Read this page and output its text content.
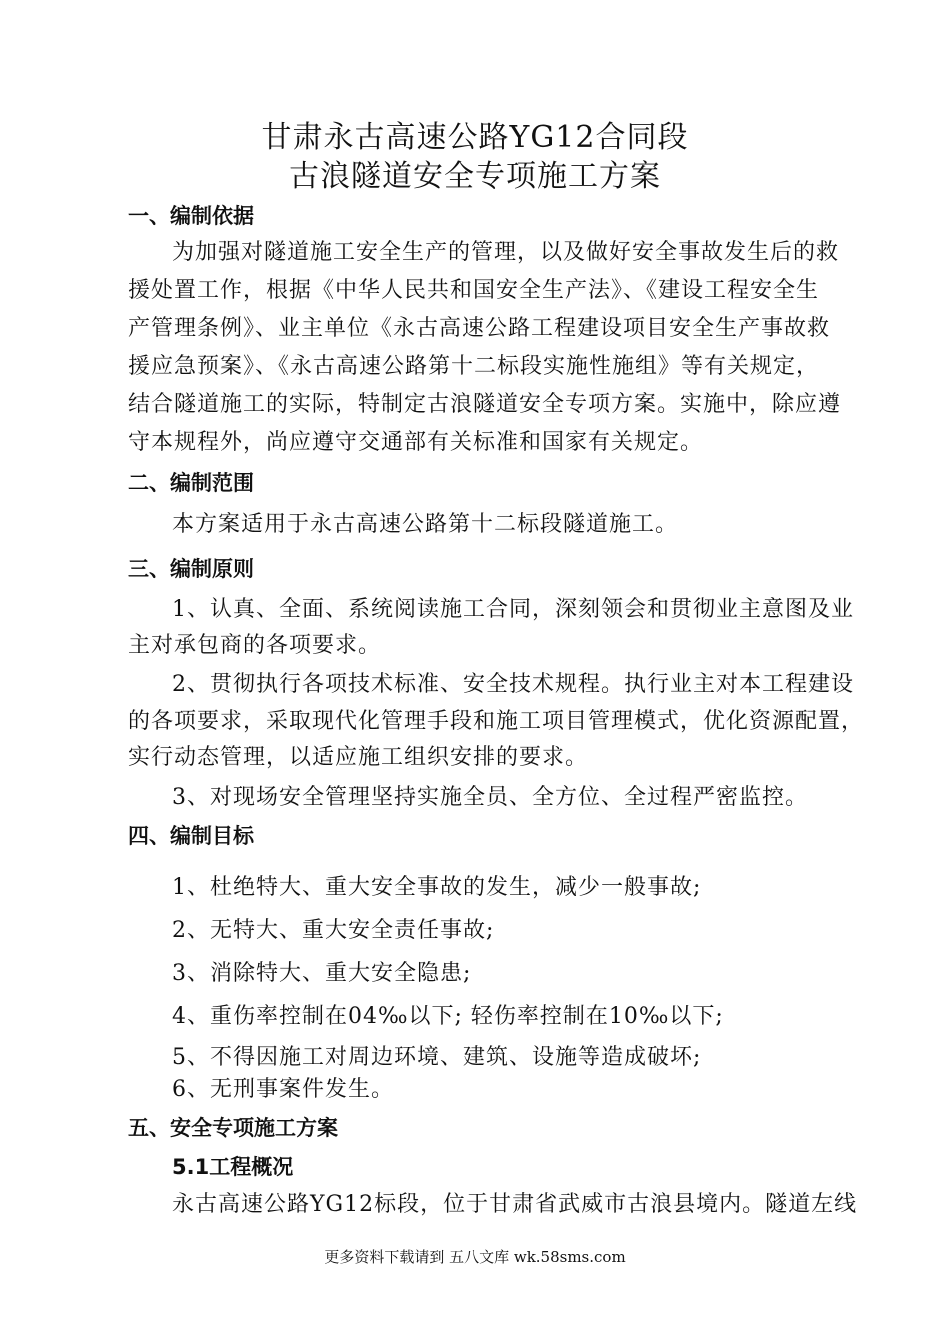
甘肃永古高速公路YG12合同段
古浪隧道安全专项施工方案
一、编制依据
为加强对隧道施工安全生产的管理，以及做好安全事故发生后的救
援处置工作，根据《中华人民共和国安全生产法》、《建设工程安全生
产管理条例》、业主单位《永古高速公路工程建设项目安全生产事故救
援应急预案》、《永古高速公路第十二标段实施性施组》等有关规定，
结合隧道施工的实际，特制定古浪隧道安全专项方案。实施中，除应遵
守本规程外，尚应遵守交通部有关标准和国家有关规定。
二、编制范围
本方案适用于永古高速公路第十二标段隧道施工。
三、编制原则
1、认真、全面、系统阅读施工合同，深刻领会和贯彻业主意图及业
主对承包商的各项要求。
2、贯彻执行各项技术标准、安全技术规程。执行业主对本工程建设
的各项要求，采取现代化管理手段和施工项目管理模式，优化资源配置，
实行动态管理，以适应施工组织安排的要求。
3、对现场安全管理坚持实施全员、全方位、全过程严密监控。
四、编制目标
1、杜绝特大、重大安全事故的发生，减少一般事故;
2、无特大、重大安全责任事故;
3、消除特大、重大安全隐患;
4、重伤率控制在04‰以下; 轻伤率控制在10‰以下;
5、不得因施工对周边环境、建筑、设施等造成破坏;
6、无刑事案件发生。
五、安全专项施工方案
5.1工程概况
永古高速公路YG12标段，位于甘肃省武威市古浪县境内。隧道左线
更多资料下载请到 五八文库 wk.58sms.com
